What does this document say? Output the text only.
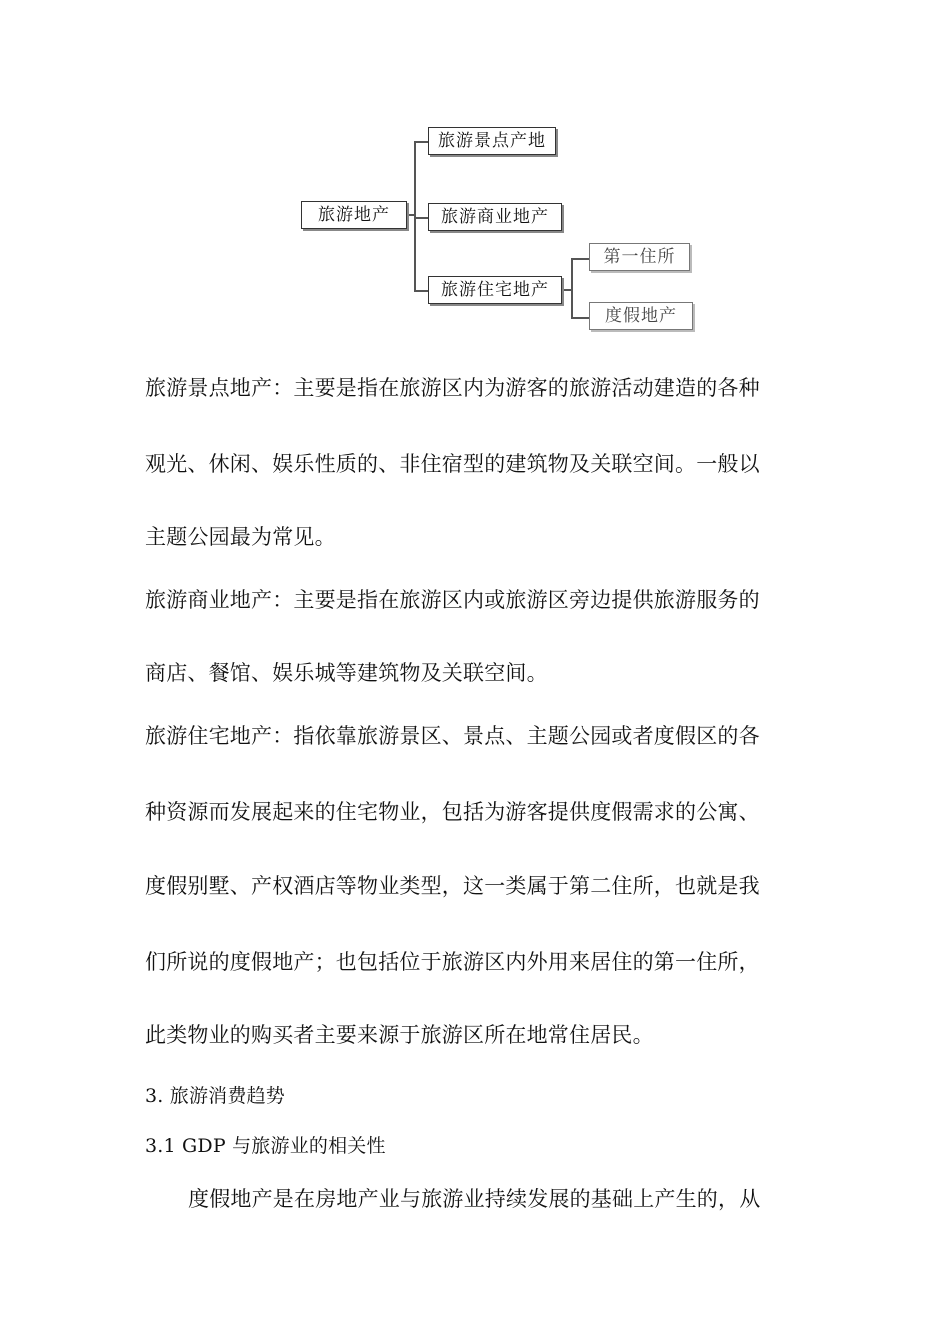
旅游地产
旅游景点产地
旅游商业地产
旅游住宅地产
第一住所
度假地产
旅游景点地产：主要是指在旅游区内为游客的旅游活动建造的各种
观光、休闲、娱乐性质的、非住宿型的建筑物及关联空间。一般以
主题公园最为常见。
旅游商业地产：主要是指在旅游区内或旅游区旁边提供旅游服务的
商店、餐馆、娱乐城等建筑物及关联空间。
旅游住宅地产：指依靠旅游景区、景点、主题公园或者度假区的各
种资源而发展起来的住宅物业，包括为游客提供度假需求的公寓、
度假别墅、产权酒店等物业类型，这一类属于第二住所，也就是我
们所说的度假地产；也包括位于旅游区内外用来居住的第一住所，
此类物业的购买者主要来源于旅游区所在地常住居民。
3. 旅游消费趋势
3.1 GDP 与旅游业的相关性
度假地产是在房地产业与旅游业持续发展的基础上产生的，从
